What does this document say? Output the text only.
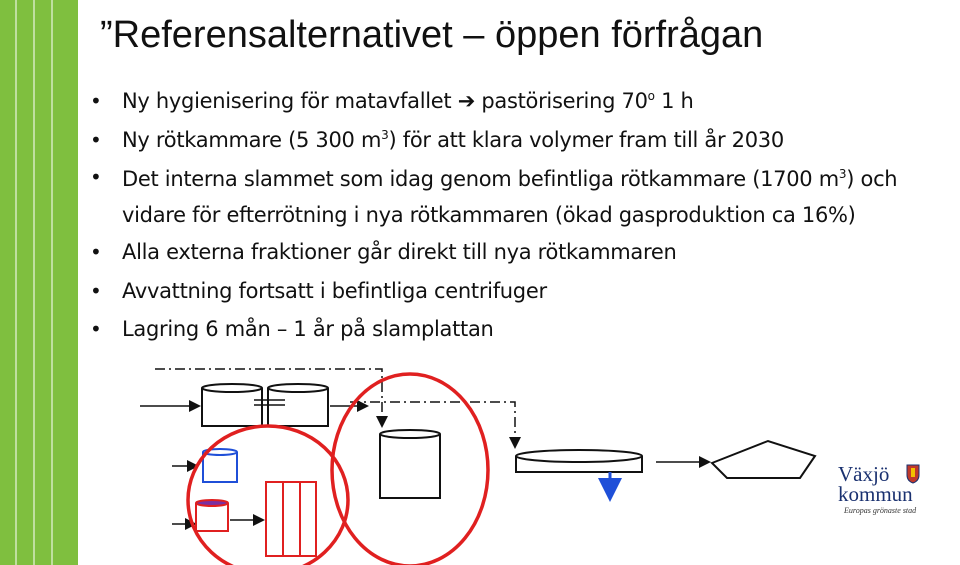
”Referensalternativet – öppen förfrågan
• Ny hygienisering för matavfallet ➔ pastörisering 70$^o$ 1 h
• Ny rötkammare (5 300 $m^3$) för att klara volymer fram till år 2030
• Det interna slammet som idag genom befintliga rötkammare (1700 $m^3$) och vidare för efterrötning i nya rötkammaren (ökad gasproduktion ca 16%)
• Alla externa fraktioner går direkt till nya rötkammaren
• Avvattning fortsatt i befintliga centrifuger
• Lagring 6 mån – 1 år på slamplattan
Växjö
kommun
Europas grönaste stad
